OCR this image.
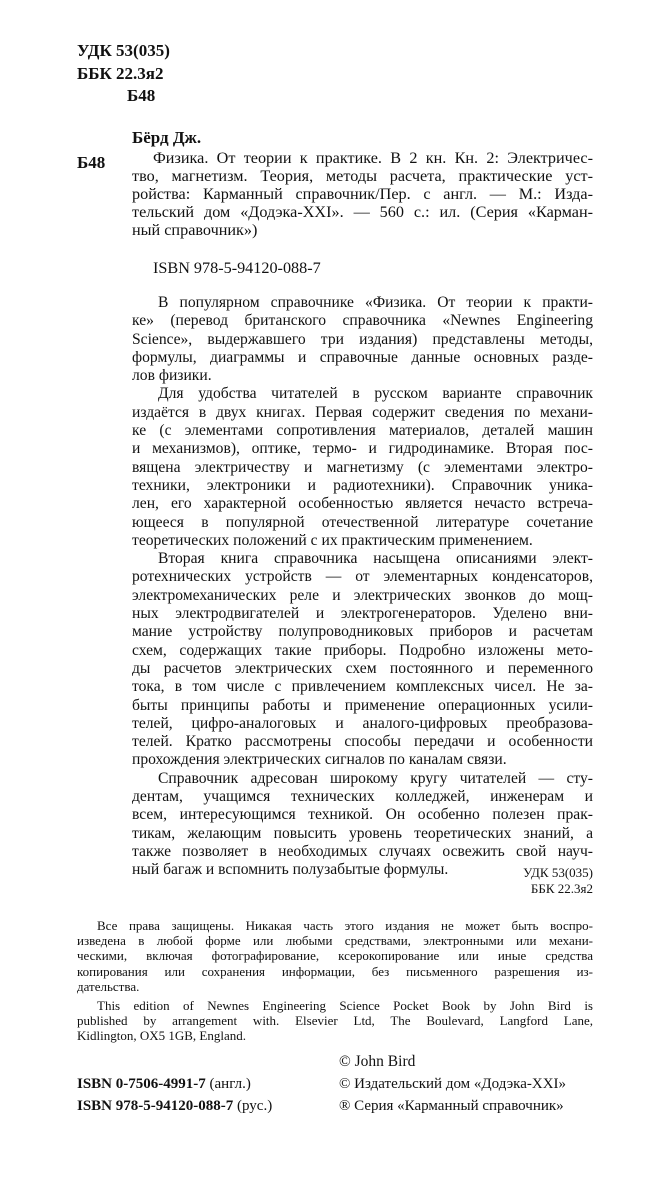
УДК 53(035)
ББК 22.3я2
Б48
Бёрд Дж.
Б48	Физика. От теории к практике. В 2 кн. Кн. 2: Электричес-
тво, магнетизм. Теория, методы расчета, практические уст-
ройства: Карманный справочник/Пер. с англ. — М.: Изда-
тельский дом «Додэка-XXI». — 560 с.: ил. (Серия «Карман-
ный справочник»)
ISBN 978-5-94120-088-7
В популярном справочнике «Физика. От теории к практи-
ке» (перевод британского справочника «Newnes Engineering
Science», выдержавшего три издания) представлены методы,
формулы, диаграммы и справочные данные основных разде-
лов физики.
Для удобства читателей в русском варианте справочник
издаётся в двух книгах. Первая содержит сведения по механи-
ке (с элементами сопротивления материалов, деталей машин
и механизмов), оптике, термо- и гидродинамике. Вторая пос-
вящена электричеству и магнетизму (с элементами электро-
техники, электроники и радиотехники). Справочник уника-
лен, его характерной особенностью является нечасто встреча-
ющееся в популярной отечественной литературе сочетание
теоретических положений с их практическим применением.
Вторая книга справочника насыщена описаниями элект-
ротехнических устройств — от элементарных конденсаторов,
электромеханических реле и электрических звонков до мощ-
ных электродвигателей и электрогенераторов. Уделено вни-
мание устройству полупроводниковых приборов и расчетам
схем, содержащих такие приборы. Подробно изложены мето-
ды расчетов электрических схем постоянного и переменного
тока, в том числе с привлечением комплексных чисел. Не за-
быты принципы работы и применение операционных усили-
телей, цифро-аналоговых и аналого-цифровых преобразова-
телей. Кратко рассмотрены способы передачи и особенности
прохождения электрических сигналов по каналам связи.
Справочник адресован широкому кругу читателей — сту-
дентам, учащимся технических колледжей, инженерам и
всем, интересующимся техникой. Он особенно полезен прак-
тикам, желающим повысить уровень теоретических знаний, а
также позволяет в необходимых случаях освежить свой науч-
ный багаж и вспомнить полузабытые формулы.	УДК 53(035)
ББК 22.3я2
Все права защищены. Никакая часть этого издания не может быть воспро-
изведена в любой форме или любыми средствами, электронными или механи-
ческими, включая фотографирование, ксерокопирование или иные средства
копирования или сохранения информации, без письменного разрешения из-
дательства.
This edition of Newnes Engineering Science Pocket Book by John Bird is
published by arrangement with. Elsevier Ltd, The Boulevard, Langford Lane,
Kidlington, OX5 1GB, England.
© John Bird
ISBN 0-7506-4991-7 (англ.)	© Издательский дом «Додэка-XXI»
ISBN 978-5-94120-088-7 (рус.)	® Серия «Карманный справочник»
